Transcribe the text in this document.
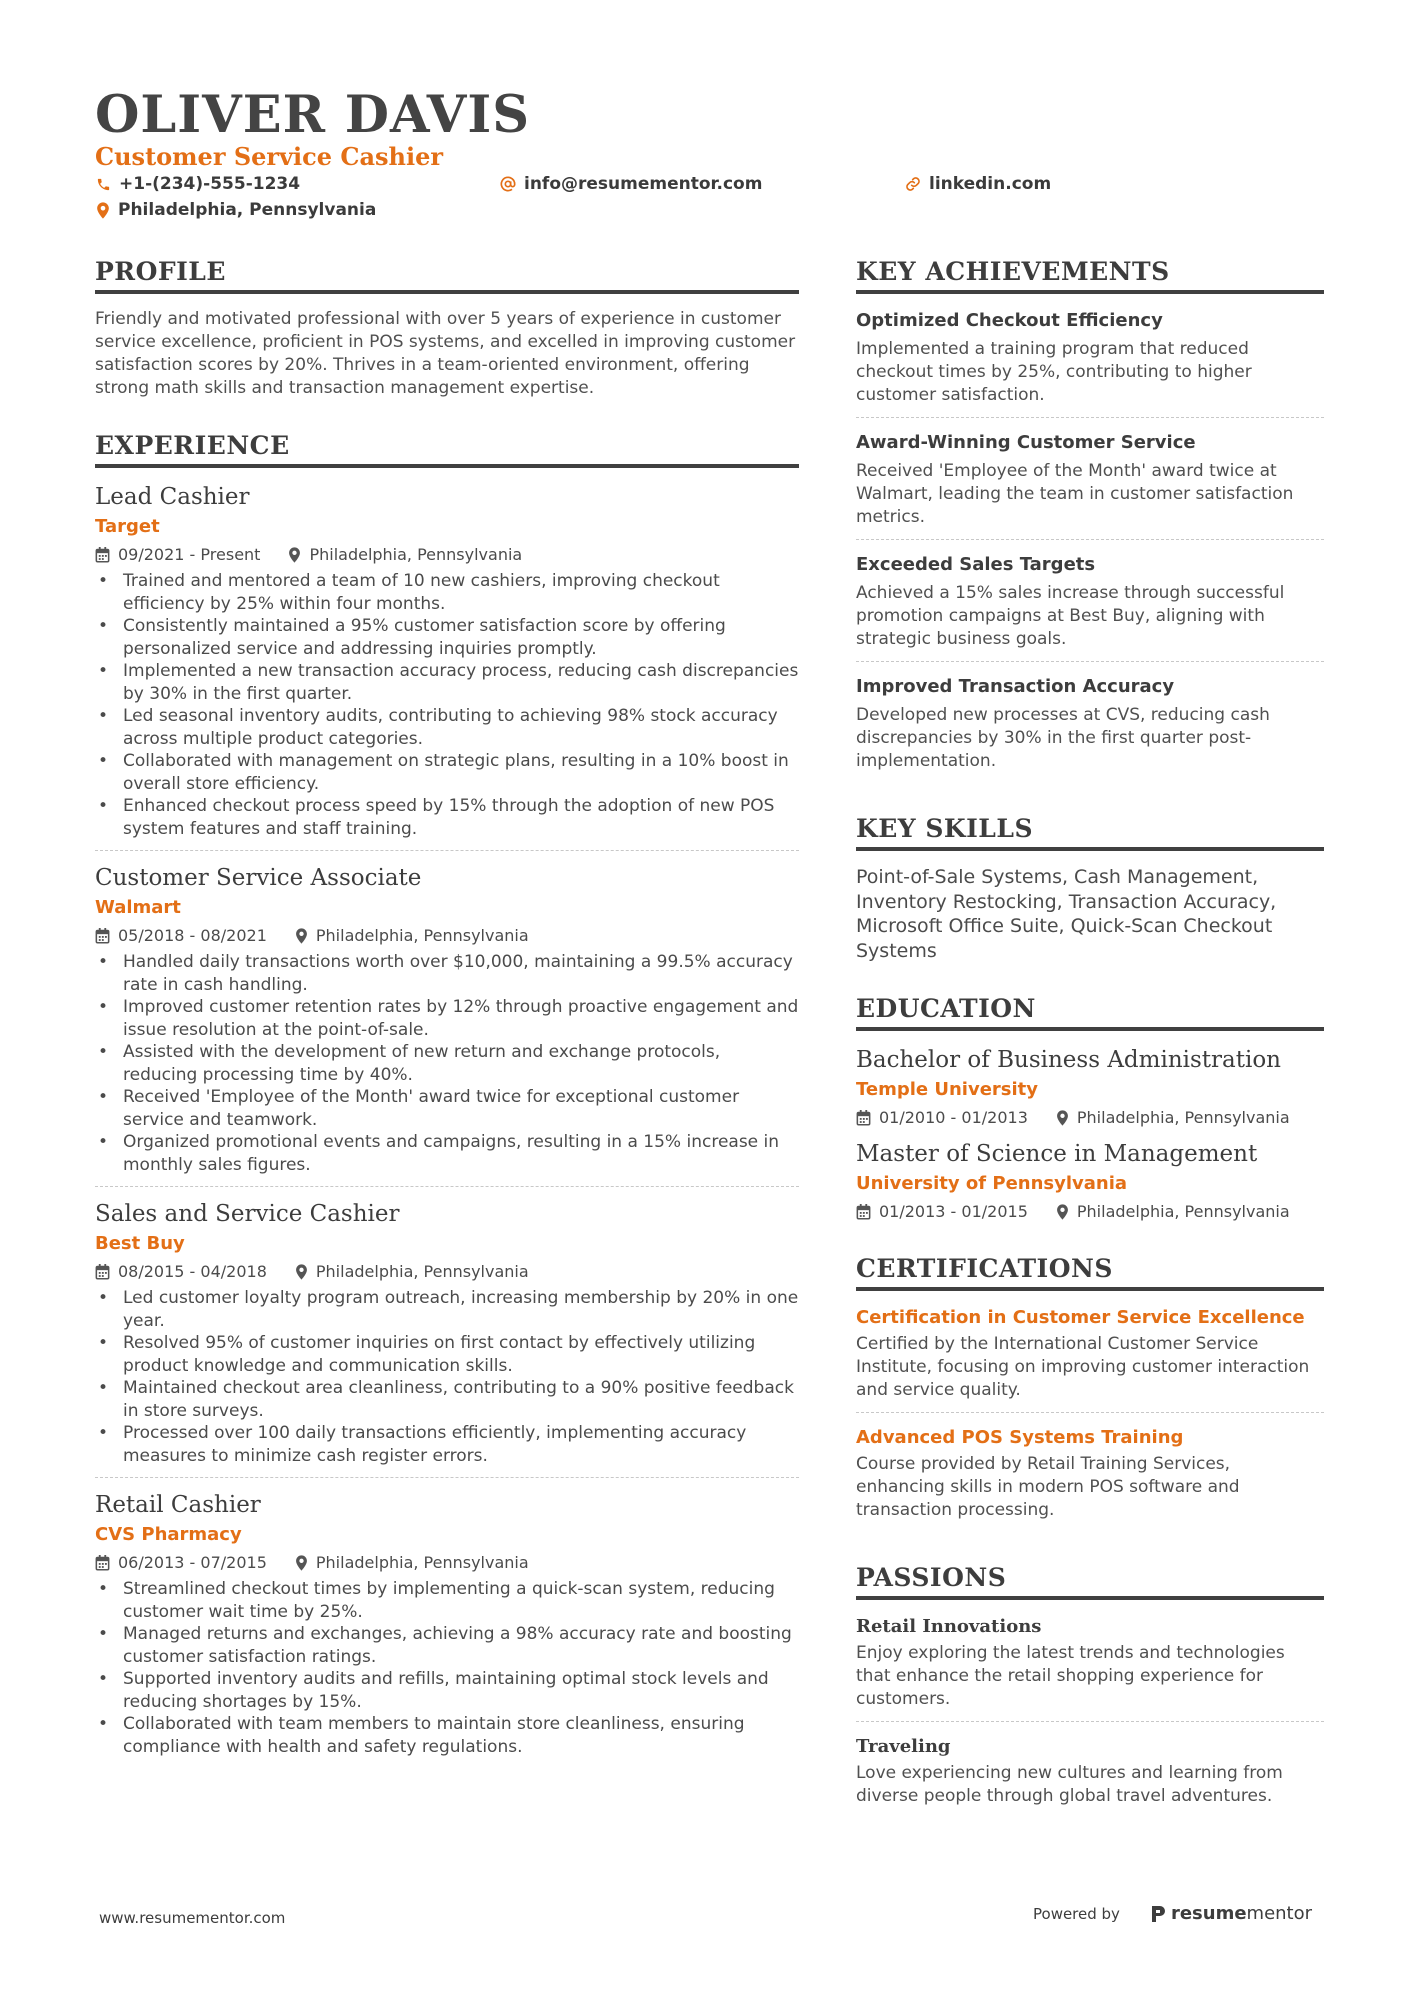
OLIVER DAVIS
Customer Service Cashier
+1-(234)-555-1234	info@resumementor.com	linkedin.com
Philadelphia, Pennsylvania
PROFILE
Friendly and motivated professional with over 5 years of experience in customer service excellence, proficient in POS systems, and excelled in improving customer satisfaction scores by 20%. Thrives in a team-oriented environment, offering strong math skills and transaction management expertise.
EXPERIENCE
Lead Cashier
Target
09/2021 - Present	Philadelphia, Pennsylvania
• Trained and mentored a team of 10 new cashiers, improving checkout efficiency by 25% within four months.
• Consistently maintained a 95% customer satisfaction score by offering personalized service and addressing inquiries promptly.
• Implemented a new transaction accuracy process, reducing cash discrepancies by 30% in the first quarter.
• Led seasonal inventory audits, contributing to achieving 98% stock accuracy across multiple product categories.
• Collaborated with management on strategic plans, resulting in a 10% boost in overall store efficiency.
• Enhanced checkout process speed by 15% through the adoption of new POS system features and staff training.
Customer Service Associate
Walmart
05/2018 - 08/2021	Philadelphia, Pennsylvania
• Handled daily transactions worth over $10,000, maintaining a 99.5% accuracy rate in cash handling.
• Improved customer retention rates by 12% through proactive engagement and issue resolution at the point-of-sale.
• Assisted with the development of new return and exchange protocols, reducing processing time by 40%.
• Received 'Employee of the Month' award twice for exceptional customer service and teamwork.
• Organized promotional events and campaigns, resulting in a 15% increase in monthly sales figures.
Sales and Service Cashier
Best Buy
08/2015 - 04/2018	Philadelphia, Pennsylvania
• Led customer loyalty program outreach, increasing membership by 20% in one year.
• Resolved 95% of customer inquiries on first contact by effectively utilizing product knowledge and communication skills.
• Maintained checkout area cleanliness, contributing to a 90% positive feedback in store surveys.
• Processed over 100 daily transactions efficiently, implementing accuracy measures to minimize cash register errors.
Retail Cashier
CVS Pharmacy
06/2013 - 07/2015	Philadelphia, Pennsylvania
• Streamlined checkout times by implementing a quick-scan system, reducing customer wait time by 25%.
• Managed returns and exchanges, achieving a 98% accuracy rate and boosting customer satisfaction ratings.
• Supported inventory audits and refills, maintaining optimal stock levels and reducing shortages by 15%.
• Collaborated with team members to maintain store cleanliness, ensuring compliance with health and safety regulations.
KEY ACHIEVEMENTS
Optimized Checkout Efficiency
Implemented a training program that reduced checkout times by 25%, contributing to higher customer satisfaction.
Award-Winning Customer Service
Received 'Employee of the Month' award twice at Walmart, leading the team in customer satisfaction metrics.
Exceeded Sales Targets
Achieved a 15% sales increase through successful promotion campaigns at Best Buy, aligning with strategic business goals.
Improved Transaction Accuracy
Developed new processes at CVS, reducing cash discrepancies by 30% in the first quarter post-implementation.
KEY SKILLS
Point-of-Sale Systems, Cash Management, Inventory Restocking, Transaction Accuracy, Microsoft Office Suite, Quick-Scan Checkout Systems
EDUCATION
Bachelor of Business Administration
Temple University
01/2010 - 01/2013	Philadelphia, Pennsylvania
Master of Science in Management
University of Pennsylvania
01/2013 - 01/2015	Philadelphia, Pennsylvania
CERTIFICATIONS
Certification in Customer Service Excellence
Certified by the International Customer Service Institute, focusing on improving customer interaction and service quality.
Advanced POS Systems Training
Course provided by Retail Training Services, enhancing skills in modern POS software and transaction processing.
PASSIONS
Retail Innovations
Enjoy exploring the latest trends and technologies that enhance the retail shopping experience for customers.
Traveling
Love experiencing new cultures and learning from diverse people through global travel adventures.
www.resumementor.com	Powered by	resume mentor
